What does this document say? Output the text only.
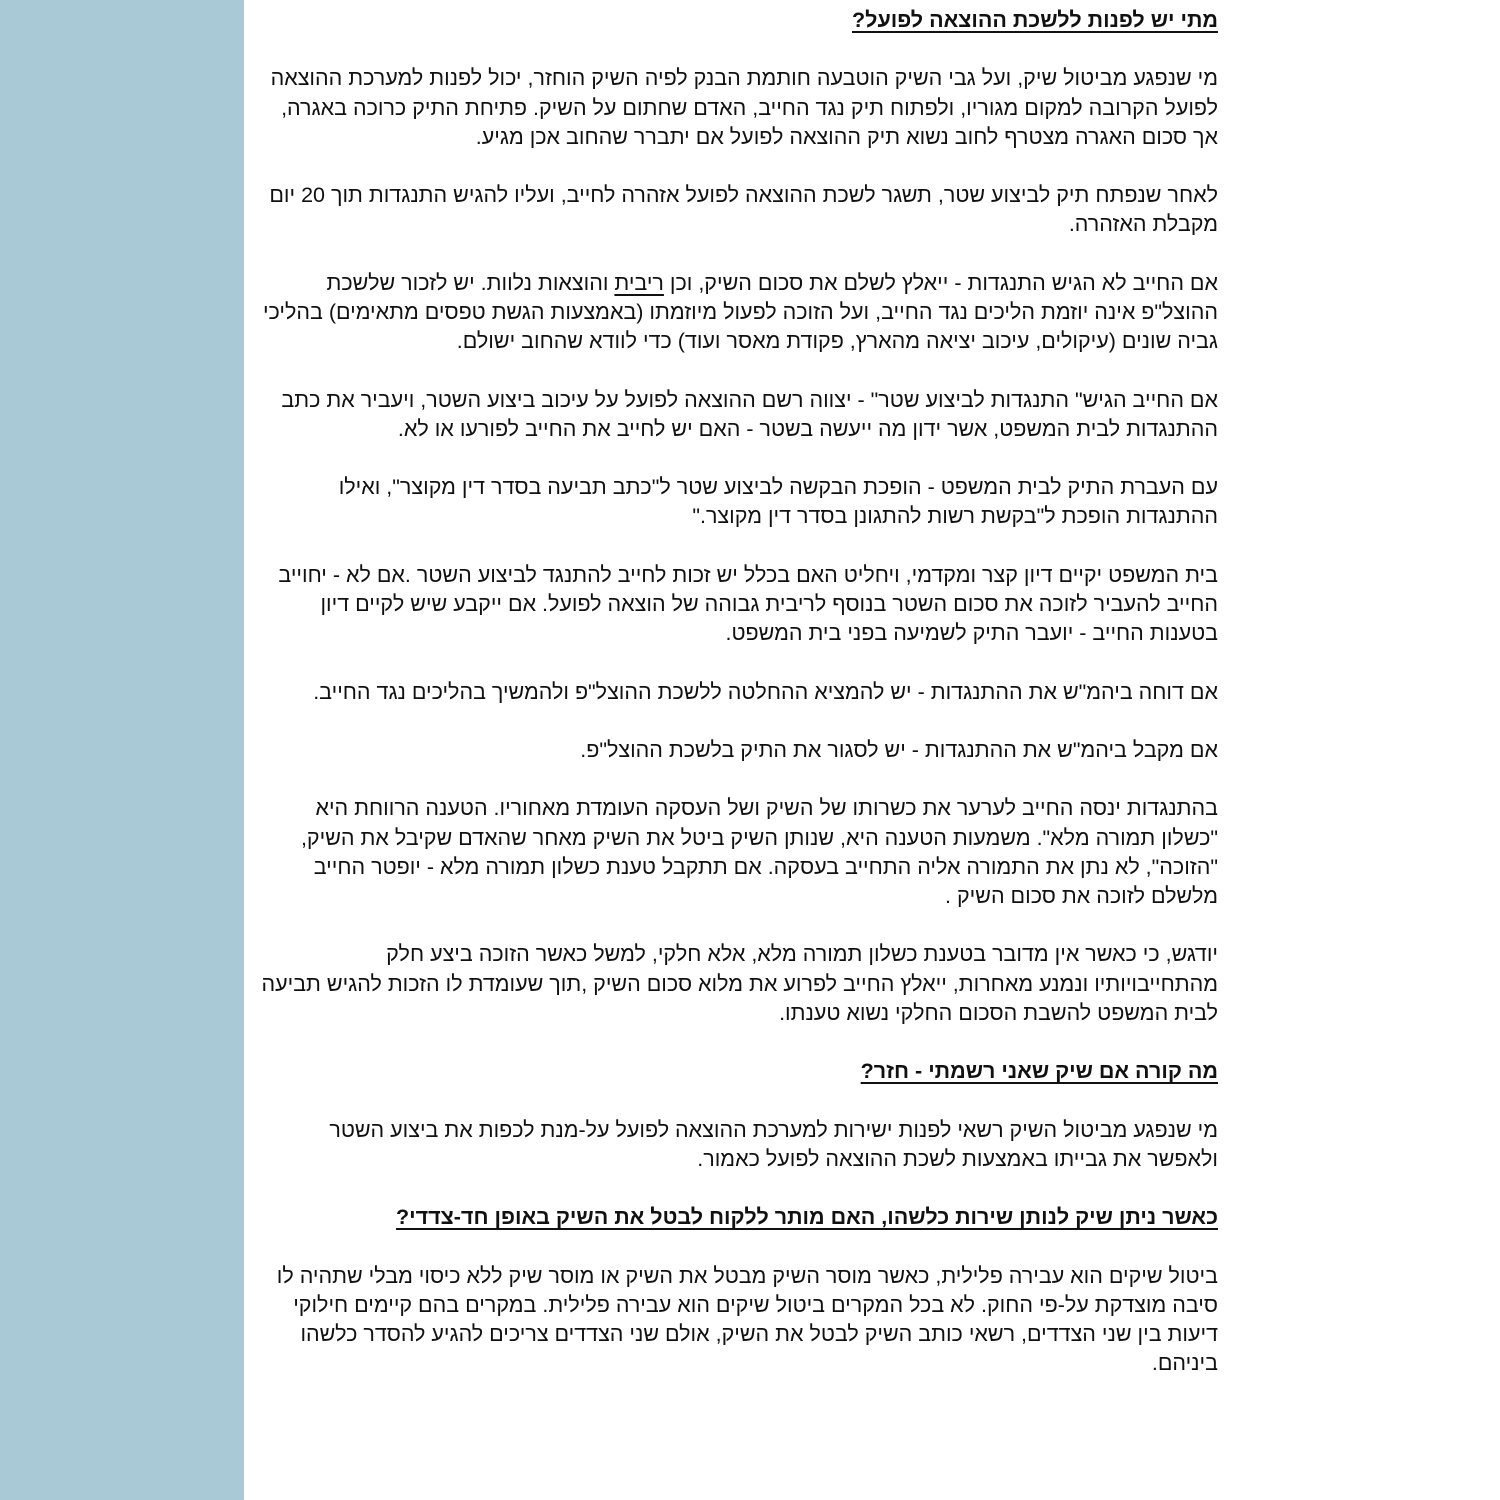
מתי יש לפנות ללשכת ההוצאה לפועל?

מי שנפגע מביטול שיק, ועל גבי השיק הוטבעה חותמת הבנק לפיה השיק הוחזר, יכול לפנות למערכת ההוצאה לפועל הקרובה למקום מגוריו, ולפתוח תיק נגד החייב, האדם שחתום על השיק. פתיחת התיק כרוכה באגרה, אך סכום האגרה מצטרף לחוב נשוא תיק ההוצאה לפועל אם יתברר שהחוב אכן מגיע.

לאחר שנפתח תיק לביצוע שטר, תשגר לשכת ההוצאה לפועל אזהרה לחייב, ועליו להגיש התנגדות תוך 20 יום מקבלת האזהרה.

אם החייב לא הגיש התנגדות - ייאלץ לשלם את סכום השיק, וכן ריבית והוצאות נלוות. יש לזכור שלשכת ההוצל"פ אינה יוזמת הליכים נגד החייב, ועל הזוכה לפעול מיוזמתו (באמצעות הגשת טפסים מתאימים) בהליכי גביה שונים (עיקולים, עיכוב יציאה מהארץ, פקודת מאסר ועוד) כדי לוודא שהחוב ישולם.

אם החייב הגיש" התנגדות לביצוע שטר" - יצווה רשם ההוצאה לפועל על עיכוב ביצוע השטר, ויעביר את כתב ההתנגדות לבית המשפט, אשר ידון מה ייעשה בשטר - האם יש לחייב את החייב לפורעו או לא.

עם העברת התיק לבית המשפט - הופכת הבקשה לביצוע שטר ל"כתב תביעה בסדר דין מקוצר", ואילו ההתנגדות הופכת ל"בקשת רשות להתגונן בסדר דין מקוצר."

בית המשפט יקיים דיון קצר ומקדמי, ויחליט האם בכלל יש זכות לחייב להתנגד לביצוע השטר .אם לא - יחוייב החייב להעביר לזוכה את סכום השטר בנוסף לריבית גבוהה של הוצאה לפועל. אם ייקבע שיש לקיים דיון בטענות החייב - יועבר התיק לשמיעה בפני בית המשפט.

אם דוחה ביהמ"ש את ההתנגדות - יש להמציא ההחלטה ללשכת ההוצל"פ ולהמשיך בהליכים נגד החייב.

אם מקבל ביהמ"ש את ההתנגדות - יש לסגור את התיק בלשכת ההוצל"פ.

בהתנגדות ינסה החייב לערער את כשרותו של השיק ושל העסקה העומדת מאחוריו. הטענה הרווחת היא "כשלון תמורה מלא". משמעות הטענה היא, שנותן השיק ביטל את השיק מאחר שהאדם שקיבל את השיק, "הזוכה", לא נתן את התמורה אליה התחייב בעסקה. אם תתקבל טענת כשלון תמורה מלא - יופטר החייב מלשלם לזוכה את סכום השיק .

יודגש, כי כאשר אין מדובר בטענת כשלון תמורה מלא, אלא חלקי, למשל כאשר הזוכה ביצע חלק מהתחייבויותיו ונמנע מאחרות, ייאלץ החייב לפרוע את מלוא סכום השיק ,תוך שעומדת לו הזכות להגיש תביעה לבית המשפט להשבת הסכום החלקי נשוא טענתו.

מה קורה אם שיק שאני רשמתי - חזר?

מי שנפגע מביטול השיק רשאי לפנות ישירות למערכת ההוצאה לפועל על-מנת לכפות את ביצוע השטר ולאפשר את גבייתו באמצעות לשכת ההוצאה לפועל כאמור.

כאשר ניתן שיק לנותן שירות כלשהו, האם מותר ללקוח לבטל את השיק באופן חד-צדדי?

ביטול שיקים הוא עבירה פלילית, כאשר מוסר השיק מבטל את השיק או מוסר שיק ללא כיסוי מבלי שתהיה לו סיבה מוצדקת על-פי החוק. לא בכל המקרים ביטול שיקים הוא עבירה פלילית. במקרים בהם קיימים חילוקי דיעות בין שני הצדדים, רשאי כותב השיק לבטל את השיק, אולם שני הצדדים צריכים להגיע להסדר כלשהו ביניהם.
